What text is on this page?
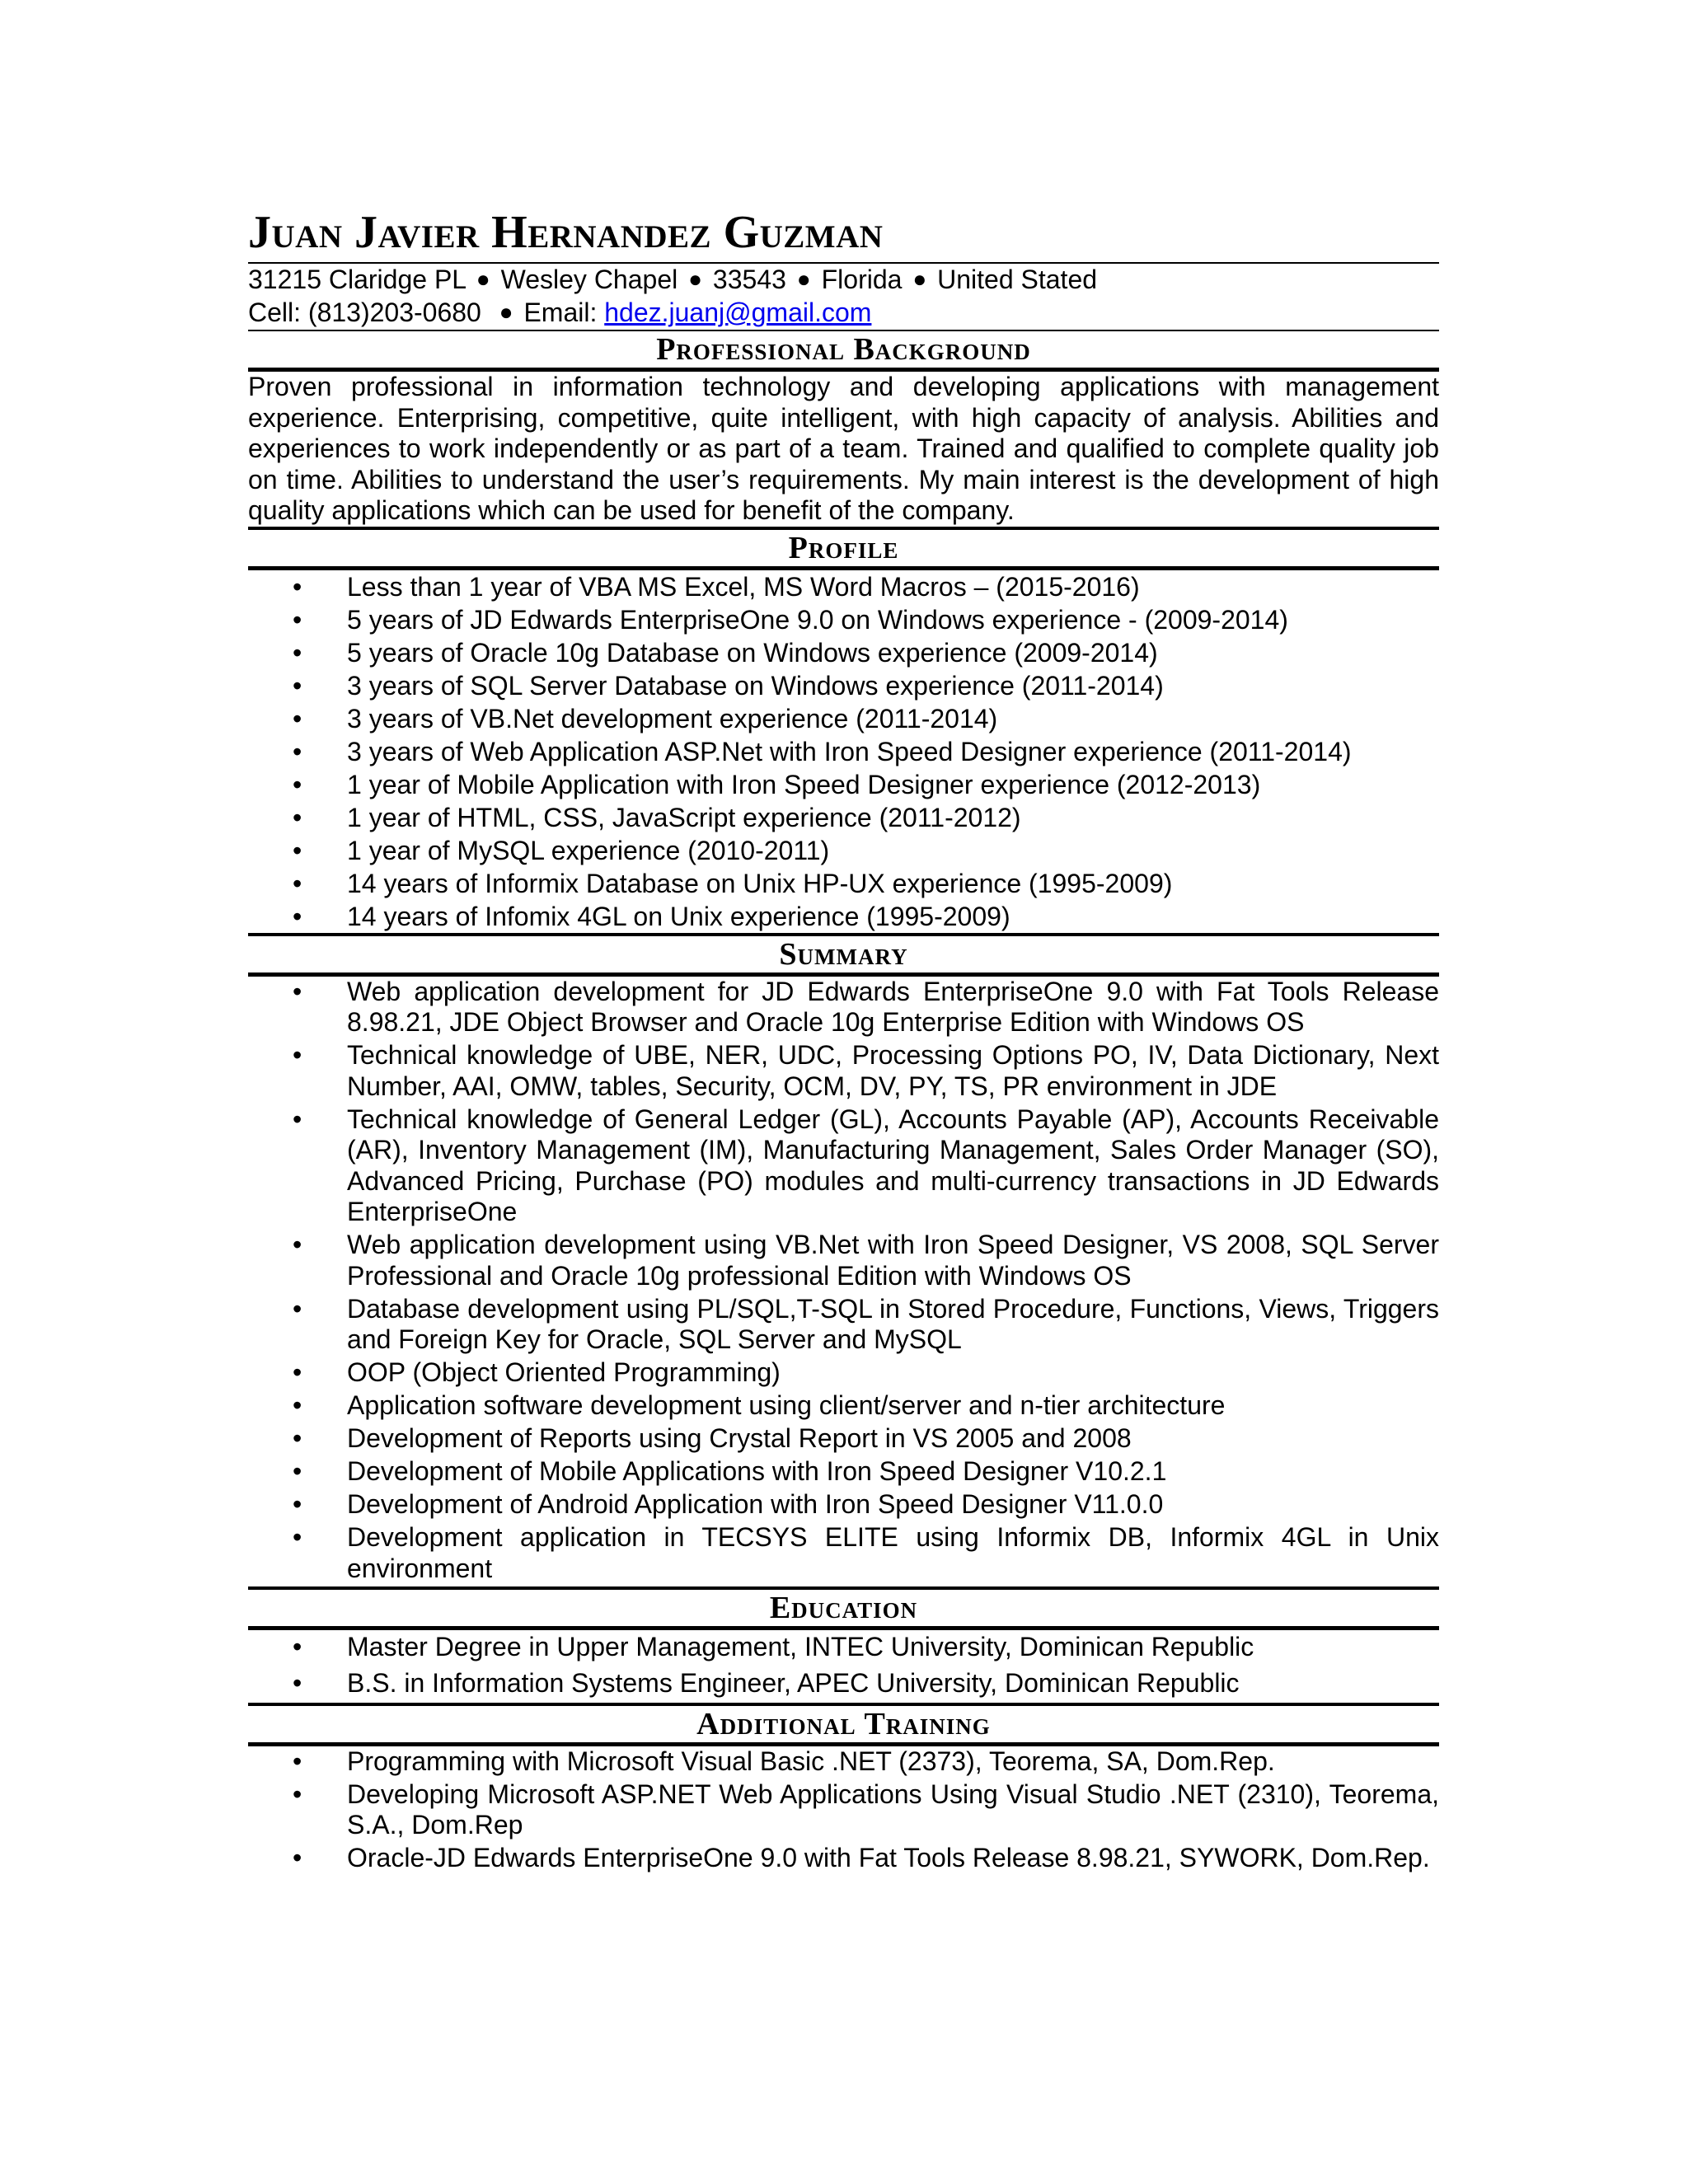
Juan Javier Hernandez Guzman
31215 Claridge PL ● Wesley Chapel ● 33543 ● Florida ● United Stated
Cell: (813)203-0680 ● Email: hdez.juanj@gmail.com
Professional Background
Proven professional in information technology and developing applications with management experience. Enterprising, competitive, quite intelligent, with high capacity of analysis. Abilities and experiences to work independently or as part of a team. Trained and qualified to complete quality job on time. Abilities to understand the user’s requirements. My main interest is the development of high quality applications which can be used for benefit of the company.
Profile
• Less than 1 year of VBA MS Excel, MS Word Macros – (2015-2016)
• 5 years of JD Edwards EnterpriseOne 9.0 on Windows experience - (2009-2014)
• 5 years of Oracle 10g Database on Windows experience (2009-2014)
• 3 years of SQL Server Database on Windows experience (2011-2014)
• 3 years of VB.Net development experience (2011-2014)
• 3 years of Web Application ASP.Net with Iron Speed Designer experience (2011-2014)
• 1 year of Mobile Application with Iron Speed Designer experience (2012-2013)
• 1 year of HTML, CSS, JavaScript experience (2011-2012)
• 1 year of MySQL experience (2010-2011)
• 14 years of Informix Database on Unix HP-UX experience (1995-2009)
• 14 years of Infomix 4GL on Unix experience (1995-2009)
Summary
• Web application development for JD Edwards EnterpriseOne 9.0 with Fat Tools Release 8.98.21, JDE Object Browser and Oracle 10g Enterprise Edition with Windows OS
• Technical knowledge of UBE, NER, UDC, Processing Options PO, IV, Data Dictionary, Next Number, AAI, OMW, tables, Security, OCM, DV, PY, TS, PR environment in JDE
• Technical knowledge of General Ledger (GL), Accounts Payable (AP), Accounts Receivable (AR), Inventory Management (IM), Manufacturing Management, Sales Order Manager (SO), Advanced Pricing, Purchase (PO) modules and multi-currency transactions in JD Edwards EnterpriseOne
• Web application development using VB.Net with Iron Speed Designer, VS 2008, SQL Server Professional and Oracle 10g professional Edition with Windows OS
• Database development using PL/SQL,T-SQL in Stored Procedure, Functions, Views, Triggers and Foreign Key for Oracle, SQL Server and MySQL
• OOP (Object Oriented Programming)
• Application software development using client/server and n-tier architecture
• Development of Reports using Crystal Report in VS 2005 and 2008
• Development of Mobile Applications with Iron Speed Designer V10.2.1
• Development of Android Application with Iron Speed Designer V11.0.0
• Development application in TECSYS ELITE using Informix DB, Informix 4GL in Unix environment
Education
• Master Degree in Upper Management, INTEC University, Dominican Republic
• B.S. in Information Systems Engineer, APEC University, Dominican Republic
Additional Training
• Programming with Microsoft Visual Basic .NET (2373), Teorema, SA, Dom.Rep.
• Developing Microsoft ASP.NET Web Applications Using Visual Studio .NET (2310), Teorema, S.A., Dom.Rep
• Oracle-JD Edwards EnterpriseOne 9.0 with Fat Tools Release 8.98.21, SYWORK, Dom.Rep.
